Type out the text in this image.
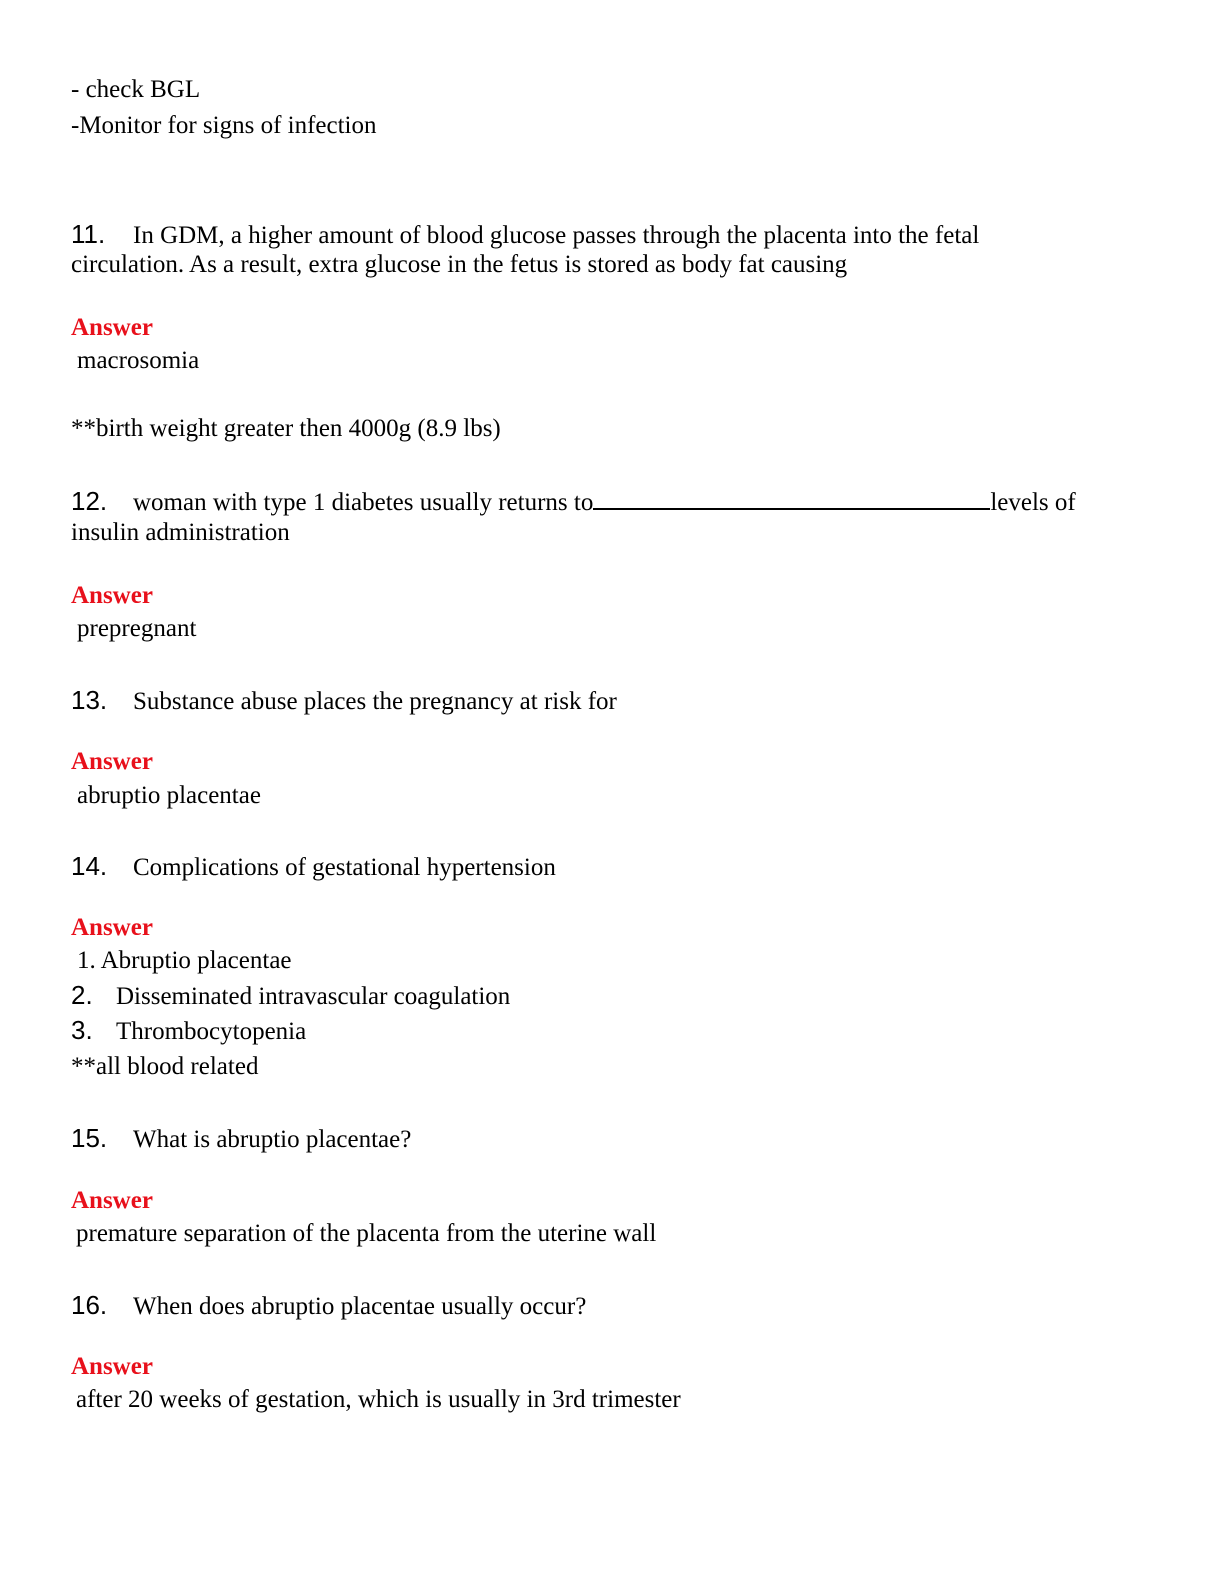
- check BGL
-Monitor for signs of infection
11. In GDM, a higher amount of blood glucose passes through the placenta into the fetal
circulation. As a result, extra glucose in the fetus is stored as body fat causing
Answer
macrosomia
**birth weight greater then 4000g (8.9 lbs)
12. woman with type 1 diabetes usually returns to	levels of
insulin administration
Answer
prepregnant
13. Substance abuse places the pregnancy at risk for
Answer
abruptio placentae
14. Complications of gestational hypertension
Answer
1. Abruptio placentae
2. Disseminated intravascular coagulation
3. Thrombocytopenia
**all blood related
15. What is abruptio placentae?
Answer
premature separation of the placenta from the uterine wall
16. When does abruptio placentae usually occur?
Answer
after 20 weeks of gestation, which is usually in 3rd trimester
